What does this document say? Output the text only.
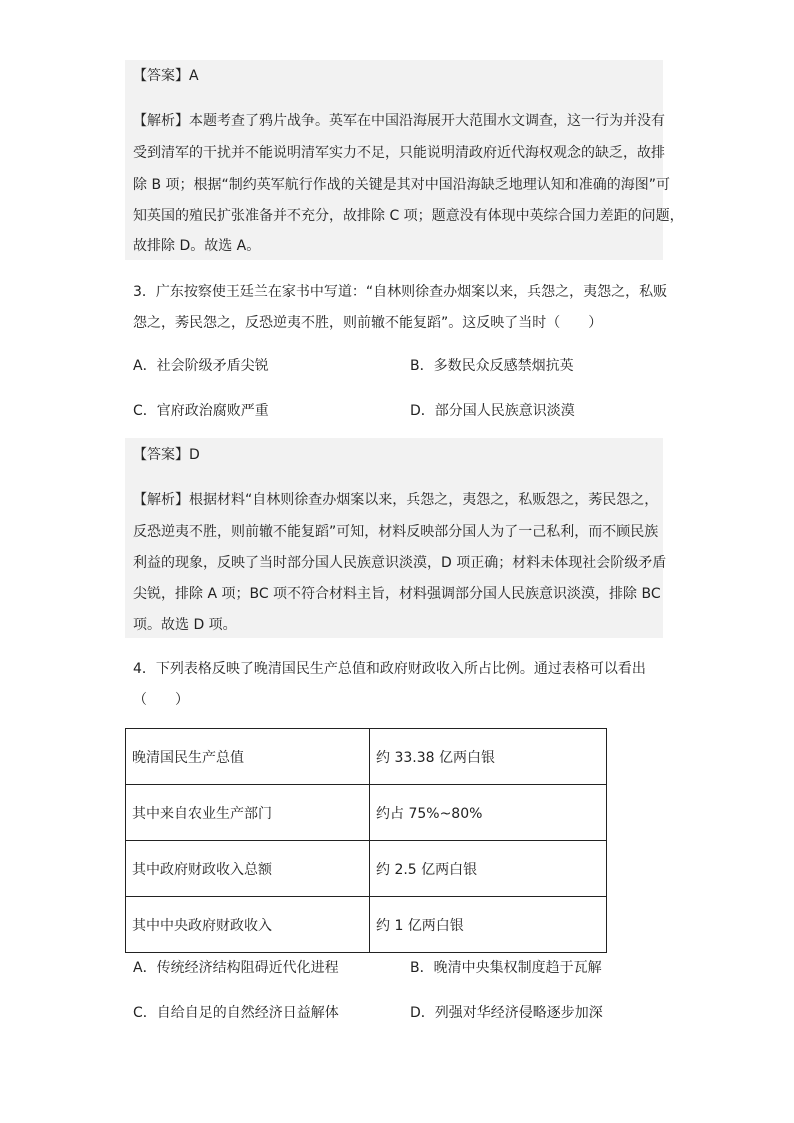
【答案】A
【解析】本题考查了鸦片战争。英军在中国沿海展开大范围水文调查，这一行为并没有
受到清军的干扰并不能说明清军实力不足，只能说明清政府近代海权观念的缺乏，故排
除 B 项；根据“制约英军航行作战的关键是其对中国沿海缺乏地理认知和准确的海图”可
知英国的殖民扩张准备并不充分，故排除 C 项；题意没有体现中英综合国力差距的问题，
故排除 D。故选 A。
3．广东按察使王廷兰在家书中写道：“自林则徐查办烟案以来，兵怨之，夷怨之，私贩
怨之，莠民怨之，反恐逆夷不胜，则前辙不能复蹈”。这反映了当时（　　）
A．社会阶级矛盾尖锐	B．多数民众反感禁烟抗英
C．官府政治腐败严重	D．部分国人民族意识淡漠
【答案】D
【解析】根据材料“自林则徐查办烟案以来，兵怨之，夷怨之，私贩怨之，莠民怨之，
反恐逆夷不胜，则前辙不能复蹈”可知，材料反映部分国人为了一己私利，而不顾民族
利益的现象，反映了当时部分国人民族意识淡漠，D 项正确；材料未体现社会阶级矛盾
尖锐，排除 A 项；BC 项不符合材料主旨，材料强调部分国人民族意识淡漠，排除 BC
项。故选 D 项。
4．下列表格反映了晚清国民生产总值和政府财政收入所占比例。通过表格可以看出
（　　）
晚清国民生产总值	约 33.38 亿两白银
其中来自农业生产部门	约占 75%~80%
其中政府财政收入总额	约 2.5 亿两白银
其中中央政府财政收入	约 1 亿两白银
A．传统经济结构阻碍近代化进程	B．晚清中央集权制度趋于瓦解
C．自给自足的自然经济日益解体	D．列强对华经济侵略逐步加深
